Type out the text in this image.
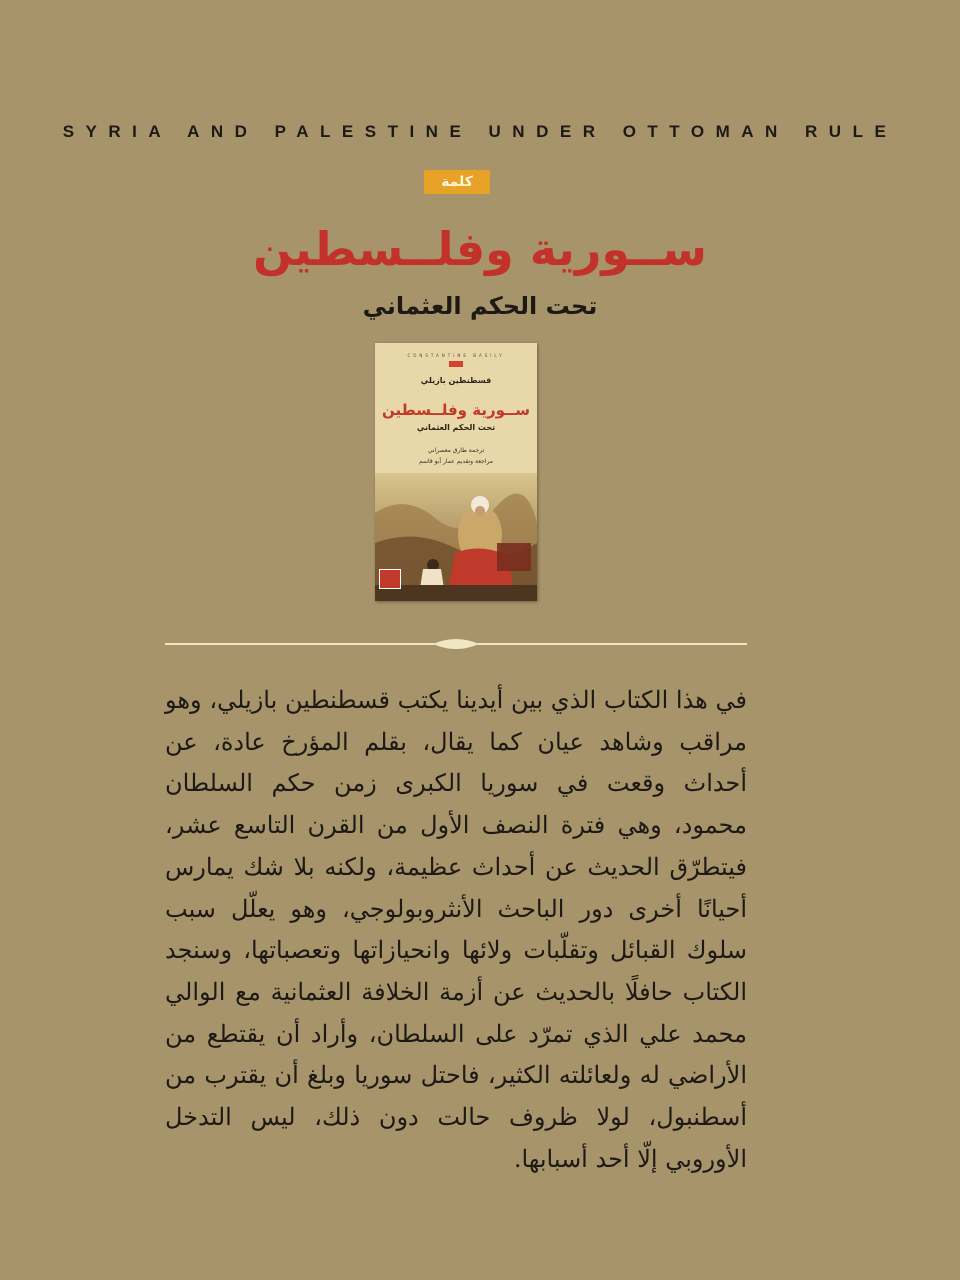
SYRIA AND PALESTINE UNDER OTTOMAN RULE
كلمة
ســورية وفلــسطين
تحت الحكم العثماني
CONSTANTINE BASILY
قسطنطين بازيلي
ســورية وفلــسطين
تحت الحكم العثماني
ترجمة طارق معصراني
مراجعة وتقديم عمار أبو قاسم
في هذا الكتاب الذي بين أيدينا يكتب قسطنطين بازيلي، وهو مراقب وشاهد عيان كما يقال، بقلم المؤرخ عادة، عن أحداث وقعت في سوريا الكبرى زمن حكم السلطان محمود، وهي فترة النصف الأول من القرن التاسع عشر، فيتطرّق الحديث عن أحداث عظيمة، ولكنه بلا شك يمارس أحيانًا أخرى دور الباحث الأنثروبولوجي، وهو يعلّل سبب سلوك القبائل وتقلّبات ولائها وانحيازاتها وتعصباتها، وسنجد الكتاب حافلًا بالحديث عن أزمة الخلافة العثمانية مع الوالي محمد علي الذي تمرّد على السلطان، وأراد أن يقتطع من الأراضي له ولعائلته الكثير، فاحتل سوريا وبلغ أن يقترب من أسطنبول، لولا ظروف حالت دون ذلك، ليس التدخل الأوروبي إلّا أحد أسبابها.
